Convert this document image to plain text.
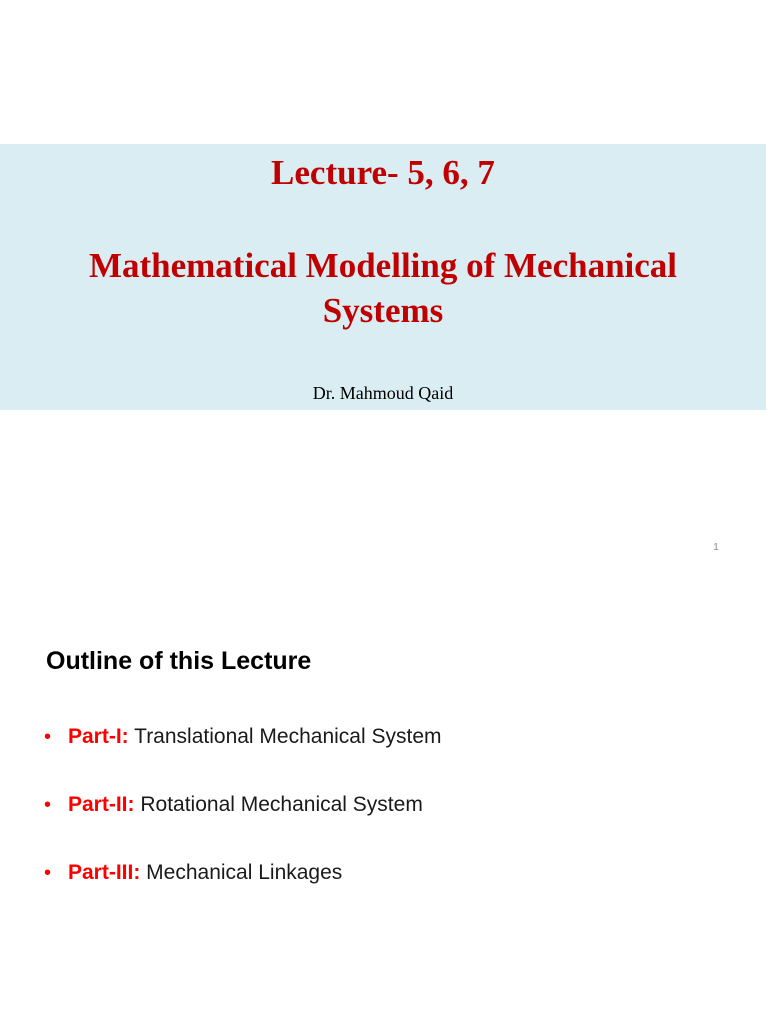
Lecture- 5, 6, 7
Mathematical Modelling of Mechanical Systems
Dr. Mahmoud Qaid
1
Outline of this Lecture
• Part-I: Translational Mechanical System
• Part-II: Rotational Mechanical System
• Part-III: Mechanical Linkages
